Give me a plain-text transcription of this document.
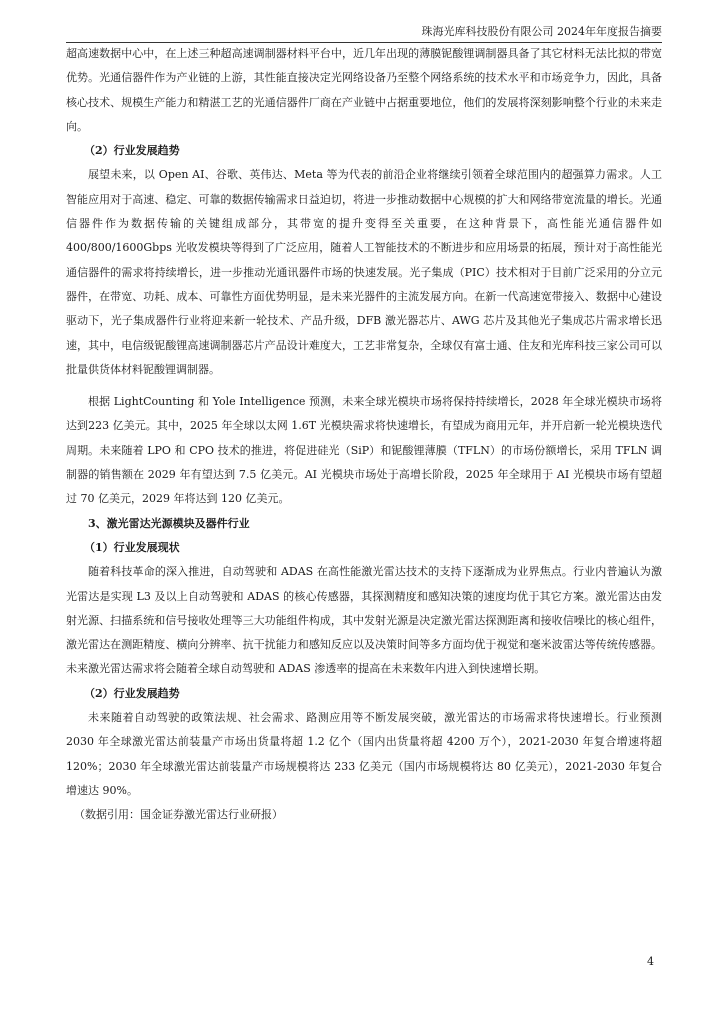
珠海光库科技股份有限公司 2024年年度报告摘要

超高速数据中心中，在上述三种超高速调制器材料平台中，近几年出现的薄膜铌酸锂调制器具备了其它材料无法比拟的带宽优势。光通信器件作为产业链的上游，其性能直接决定光网络设备乃至整个网络系统的技术水平和市场竞争力，因此，具备核心技术、规模生产能力和精湛工艺的光通信器件厂商在产业链中占据重要地位，他们的发展将深刻影响整个行业的未来走向。

（2）行业发展趋势

展望未来，以 Open AI、谷歌、英伟达、Meta 等为代表的前沿企业将继续引领着全球范围内的超强算力需求。人工智能应用对于高速、稳定、可靠的数据传输需求日益迫切，将进一步推动数据中心规模的扩大和网络带宽流量的增长。光通信器件作为数据传输的关键组成部分，其带宽的提升变得至关重要，在这种背景下，高性能光通信器件如400/800/1600Gbps 光收发模块等得到了广泛应用，随着人工智能技术的不断进步和应用场景的拓展，预计对于高性能光通信器件的需求将持续增长，进一步推动光通讯器件市场的快速发展。光子集成（PIC）技术相对于目前广泛采用的分立元器件，在带宽、功耗、成本、可靠性方面优势明显，是未来光器件的主流发展方向。在新一代高速宽带接入、数据中心建设驱动下，光子集成器件行业将迎来新一轮技术、产品升级，DFB 激光器芯片、AWG 芯片及其他光子集成芯片需求增长迅速，其中，电信级铌酸锂高速调制器芯片产品设计难度大，工艺非常复杂，全球仅有富士通、住友和光库科技三家公司可以批量供货体材料铌酸锂调制器。

根据 LightCounting 和 Yole Intelligence 预测，未来全球光模块市场将保持持续增长，2028 年全球光模块市场将达到223 亿美元。其中，2025 年全球以太网 1.6T 光模块需求将快速增长，有望成为商用元年，并开启新一轮光模块迭代周期。未来随着 LPO 和 CPO 技术的推进，将促进硅光（SiP）和铌酸锂薄膜（TFLN）的市场份额增长，采用 TFLN 调制器的销售额在 2029 年有望达到 7.5 亿美元。AI 光模块市场处于高增长阶段，2025 年全球用于 AI 光模块市场有望超过 70 亿美元，2029 年将达到 120 亿美元。

3、激光雷达光源模块及器件行业

（1）行业发展现状

随着科技革命的深入推进，自动驾驶和 ADAS 在高性能激光雷达技术的支持下逐渐成为业界焦点。行业内普遍认为激光雷达是实现 L3 及以上自动驾驶和 ADAS 的核心传感器，其探测精度和感知决策的速度均优于其它方案。激光雷达由发射光源、扫描系统和信号接收处理等三大功能组件构成，其中发射光源是决定激光雷达探测距离和接收信噪比的核心组件，激光雷达在测距精度、横向分辨率、抗干扰能力和感知反应以及决策时间等多方面均优于视觉和毫米波雷达等传统传感器。未来激光雷达需求将会随着全球自动驾驶和 ADAS 渗透率的提高在未来数年内进入到快速增长期。

（2）行业发展趋势

未来随着自动驾驶的政策法规、社会需求、路测应用等不断发展突破，激光雷达的市场需求将快速增长。行业预测2030 年全球激光雷达前装量产市场出货量将超 1.2 亿个（国内出货量将超 4200 万个），2021-2030 年复合增速将超 120%；2030 年全球激光雷达前装量产市场规模将达 233 亿美元（国内市场规模将达 80 亿美元），2021-2030 年复合增速达 90%。

（数据引用：国金证券激光雷达行业研报）

4
